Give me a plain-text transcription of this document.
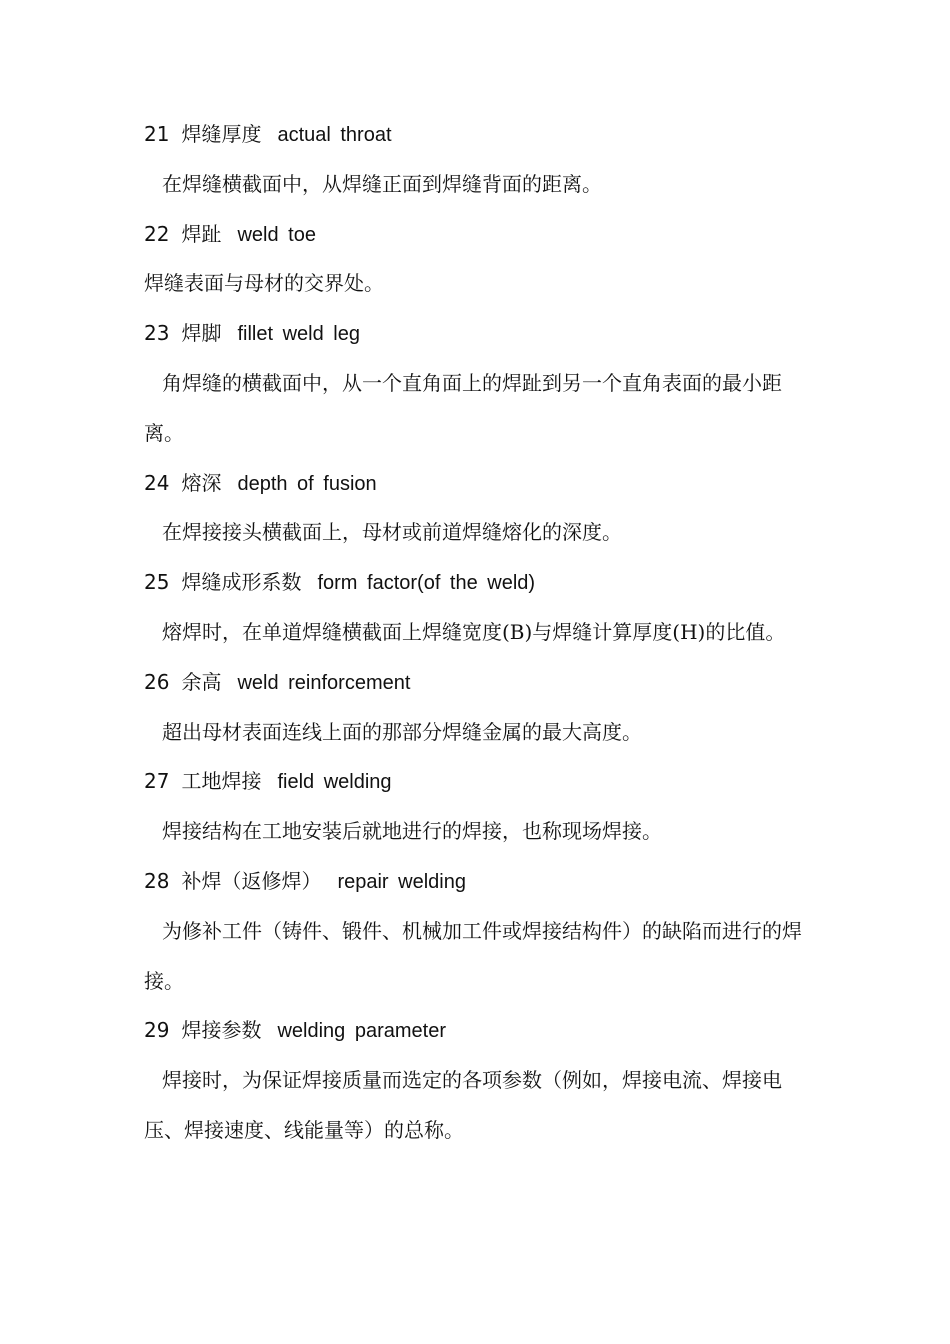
21 焊缝厚度 actual throat
在焊缝横截面中，从焊缝正面到焊缝背面的距离。
22 焊趾 weld toe
焊缝表面与母材的交界处。
23 焊脚 fillet weld leg
角焊缝的横截面中，从一个直角面上的焊趾到另一个直角表面的最小距离。
24 熔深 depth of fusion
在焊接接头横截面上，母材或前道焊缝熔化的深度。
25 焊缝成形系数 form factor(of the weld)
熔焊时，在单道焊缝横截面上焊缝宽度(B)与焊缝计算厚度(H)的比值。
26 余高 weld reinforcement
超出母材表面连线上面的那部分焊缝金属的最大高度。
27 工地焊接 field welding
焊接结构在工地安装后就地进行的焊接，也称现场焊接。
28 补焊（返修焊） repair welding
为修补工件（铸件、锻件、机械加工件或焊接结构件）的缺陷而进行的焊接。
29 焊接参数 welding parameter
焊接时，为保证焊接质量而选定的各项参数（例如，焊接电流、焊接电压、焊接速度、线能量等）的总称。
